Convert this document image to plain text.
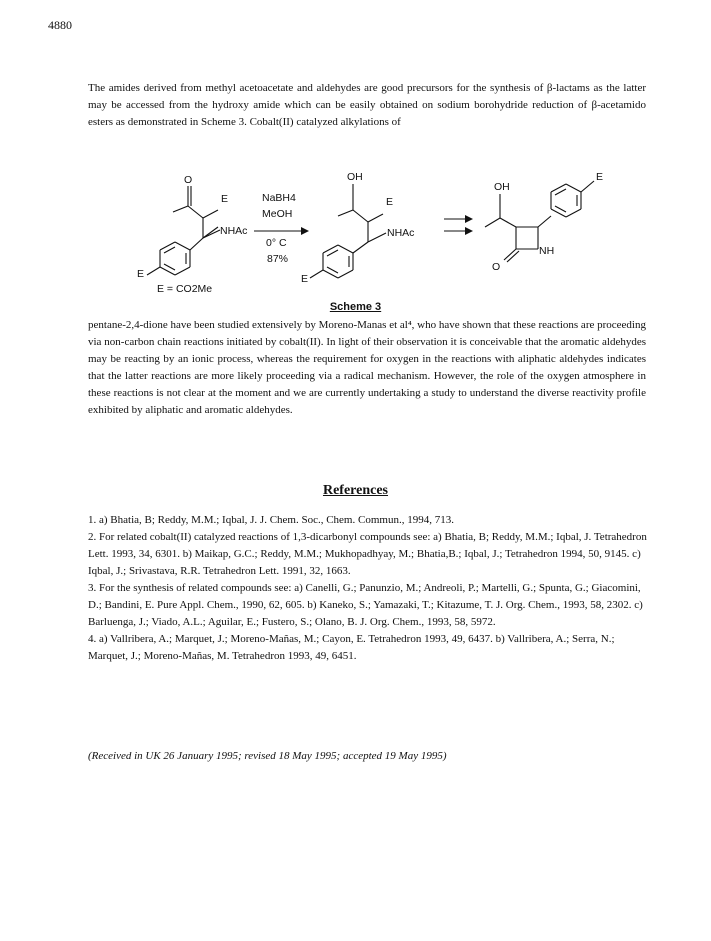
4880

The amides derived from methyl acetoacetate and aldehydes are good precursors for the synthesis of β-lactams as the latter may be accessed from the hydroxy amide which can be easily obtained on sodium borohydride reduction of β-acetamido esters as demonstrated in Scheme 3. Cobalt(II) catalyzed alkylations of

O
E
NHAc
E
NaBH4
MeOH
0° C
87%
OH
E
NHAc
E
OH
E
NH
O
E = CO2Me
Scheme 3

pentane-2,4-dione have been studied extensively by Moreno-Manas et al⁴, who have shown that these reactions are proceeding via non-carbon chain reactions initiated by cobalt(II). In light of their observation it is conceivable that the aromatic aldehydes may be reacting by an ionic process, whereas the requirement for oxygen in the reactions with aliphatic aldehydes indicates that the latter reactions are more likely proceeding via a radical mechanism. However, the role of the oxygen atmosphere in these reactions is not clear at the moment and we are currently undertaking a study to understand the diverse reactivity profile exhibited by aliphatic and aromatic aldehydes.

References

1. a) Bhatia, B; Reddy, M.M.; Iqbal, J. J. Chem. Soc., Chem. Commun., 1994, 713.

2. For related cobalt(II) catalyzed reactions of 1,3-dicarbonyl compounds see: a) Bhatia, B; Reddy, M.M.; Iqbal, J. Tetrahedron Lett. 1993, 34, 6301. b) Maikap, G.C.; Reddy, M.M.; Mukhopadhyay, M.; Bhatia,B.; Iqbal, J.; Tetrahedron 1994, 50, 9145. c) Iqbal, J.; Srivastava, R.R. Tetrahedron Lett. 1991, 32, 1663.

3. For the synthesis of related compounds see: a) Canelli, G.; Panunzio, M.; Andreoli, P.; Martelli, G.; Spunta, G.; Giacomini, D.; Bandini, E. Pure Appl. Chem., 1990, 62, 605. b) Kaneko, S.; Yamazaki, T.; Kitazume, T. J. Org. Chem., 1993, 58, 2302. c) Barluenga, J.; Viado, A.L.; Aguilar, E.; Fustero, S.; Olano, B. J. Org. Chem., 1993, 58, 5972.

4. a) Vallribera, A.; Marquet, J.; Moreno-Mañas, M.; Cayon, E. Tetrahedron 1993, 49, 6437. b) Vallribera, A.; Serra, N.; Marquet, J.; Moreno-Mañas, M. Tetrahedron 1993, 49, 6451.

(Received in UK 26 January 1995; revised 18 May 1995; accepted 19 May 1995)
